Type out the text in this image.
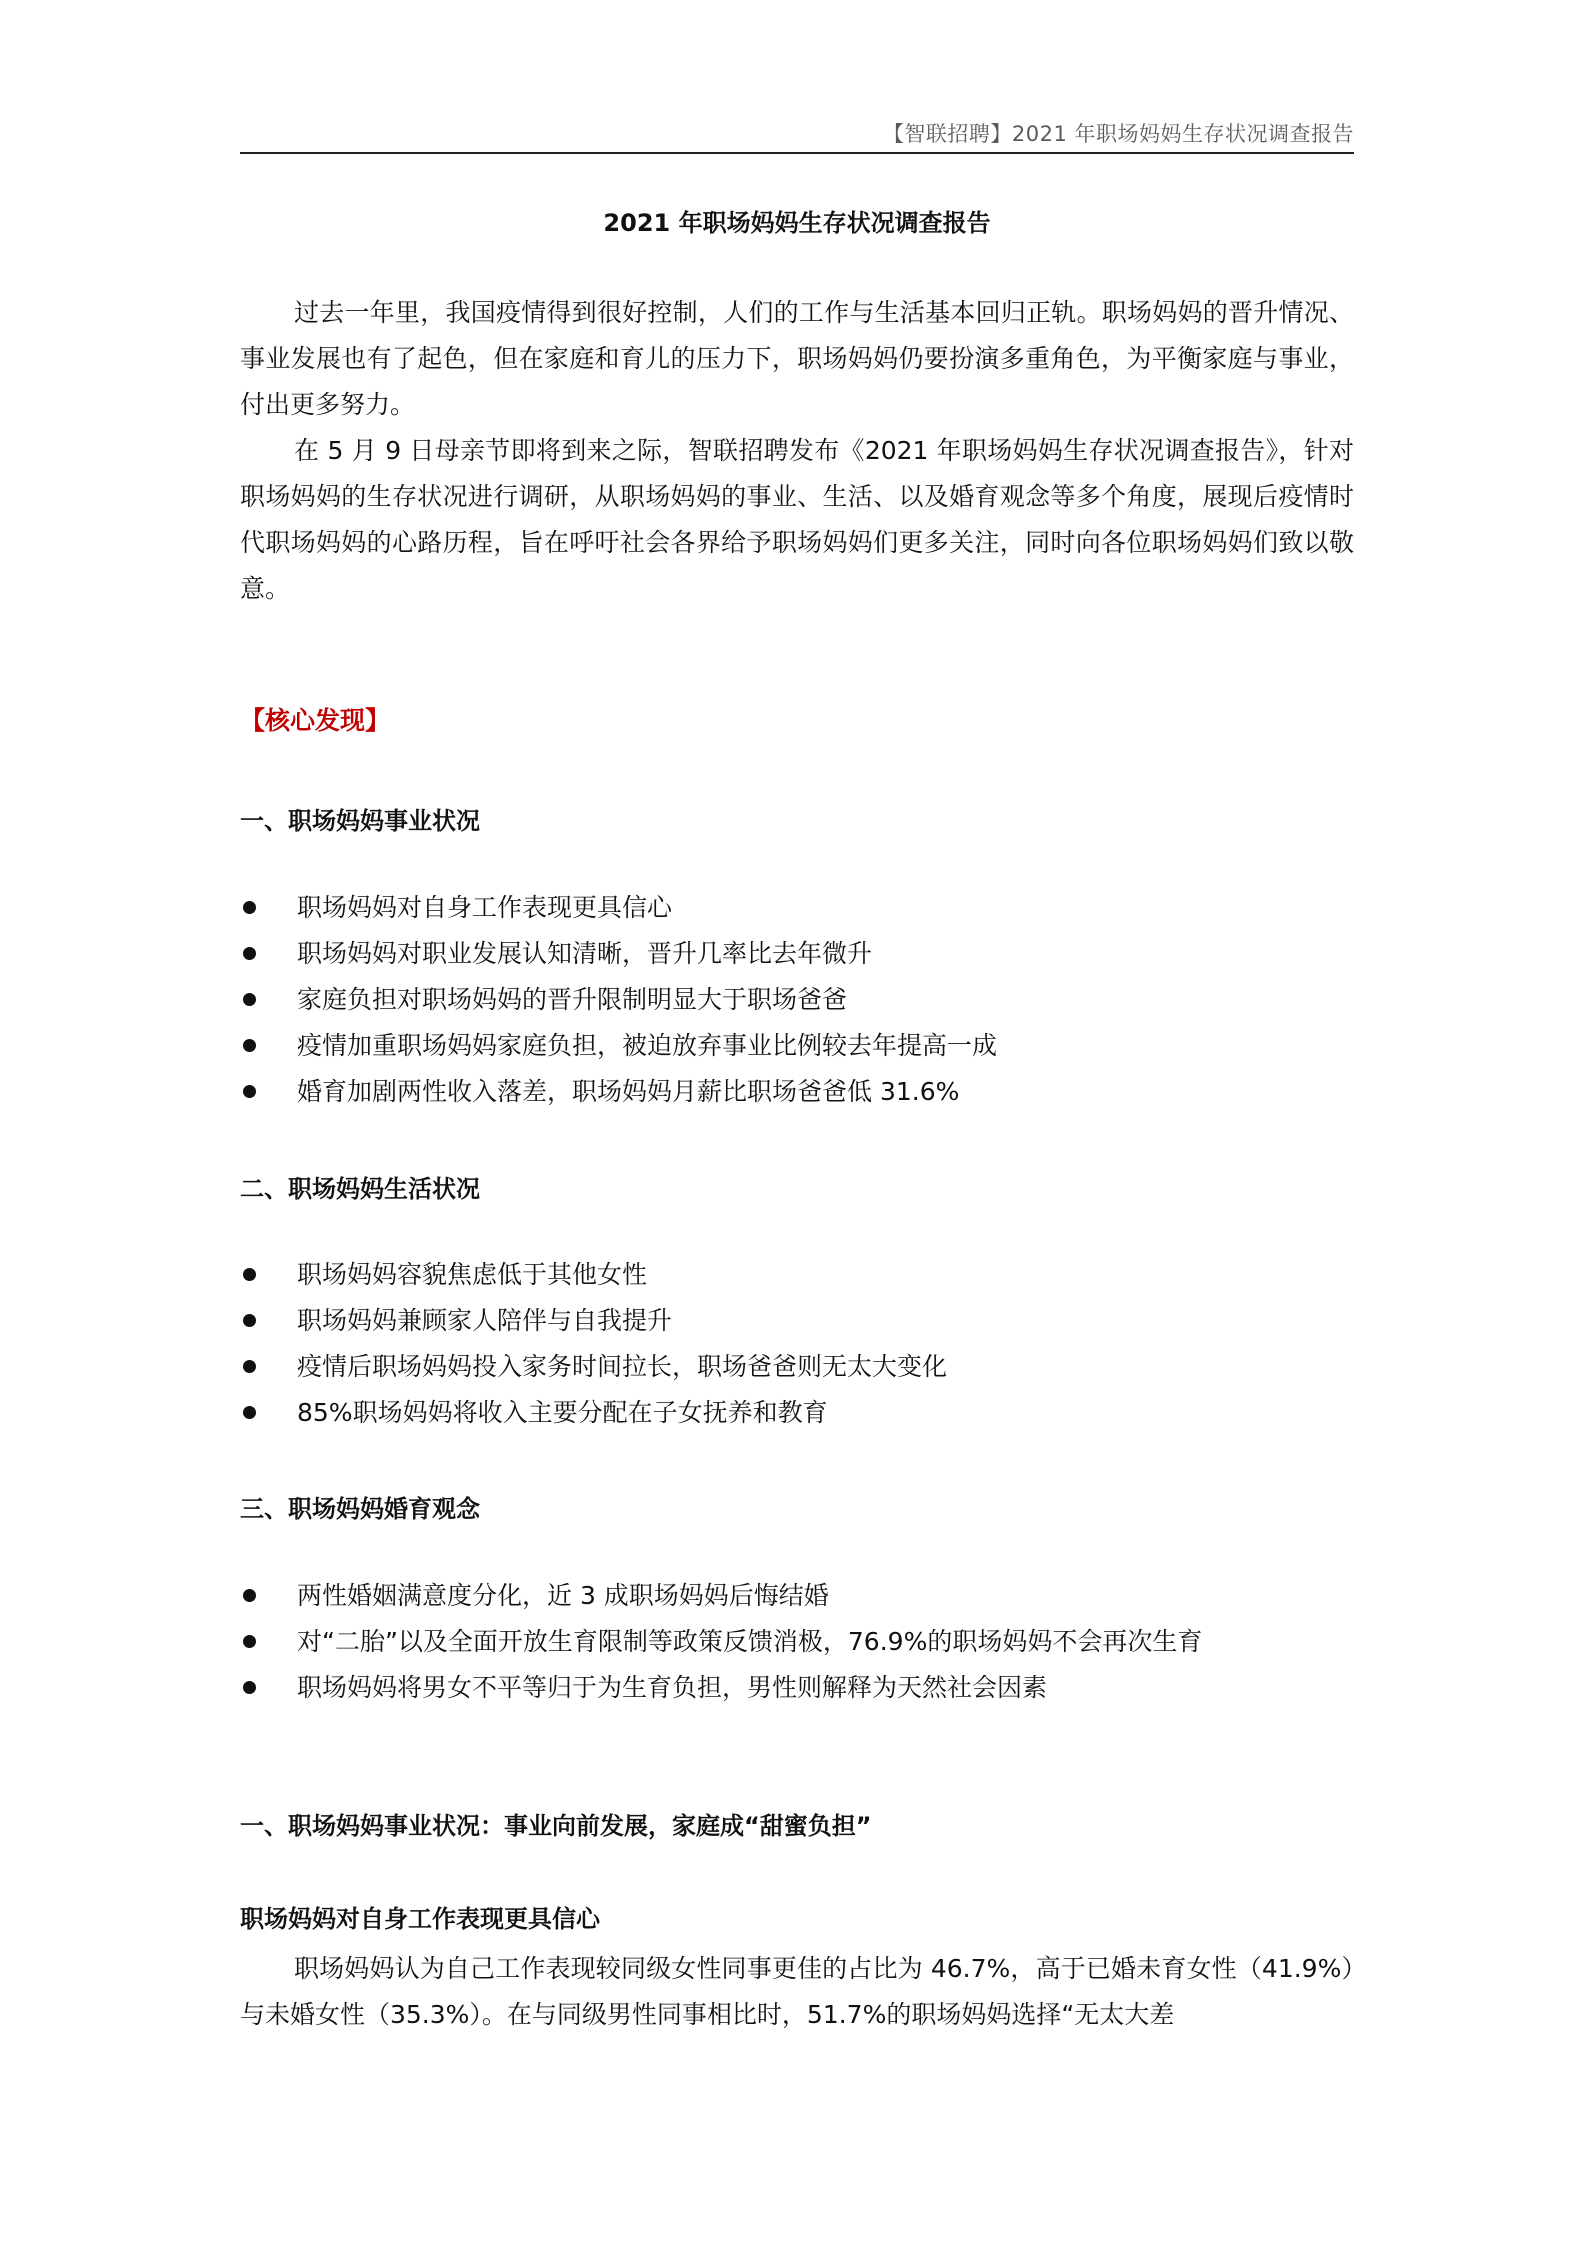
【智联招聘】2021 年职场妈妈生存状况调查报告
2021 年职场妈妈生存状况调查报告

过去一年里，我国疫情得到很好控制，人们的工作与生活基本回归正轨。职场妈妈的晋升情况、事业发展也有了起色，但在家庭和育儿的压力下，职场妈妈仍要扮演多重角色，为平衡家庭与事业，付出更多努力。

在 5 月 9 日母亲节即将到来之际，智联招聘发布《2021 年职场妈妈生存状况调查报告》，针对职场妈妈的生存状况进行调研，从职场妈妈的事业、生活、以及婚育观念等多个角度，展现后疫情时代职场妈妈的心路历程，旨在呼吁社会各界给予职场妈妈们更多关注，同时向各位职场妈妈们致以敬意。

【核心发现】
一、职场妈妈事业状况
职场妈妈对自身工作表现更具信心
职场妈妈对职业发展认知清晰，晋升几率比去年微升
家庭负担对职场妈妈的晋升限制明显大于职场爸爸
疫情加重职场妈妈家庭负担，被迫放弃事业比例较去年提高一成
婚育加剧两性收入落差，职场妈妈月薪比职场爸爸低 31.6%
二、职场妈妈生活状况
职场妈妈容貌焦虑低于其他女性
职场妈妈兼顾家人陪伴与自我提升
疫情后职场妈妈投入家务时间拉长，职场爸爸则无太大变化
85%职场妈妈将收入主要分配在子女抚养和教育
三、职场妈妈婚育观念
两性婚姻满意度分化，近 3 成职场妈妈后悔结婚
对“二胎”以及全面开放生育限制等政策反馈消极，76.9%的职场妈妈不会再次生育
职场妈妈将男女不平等归于为生育负担，男性则解释为天然社会因素
一、职场妈妈事业状况：事业向前发展，家庭成“甜蜜负担”
职场妈妈对自身工作表现更具信心

职场妈妈认为自己工作表现较同级女性同事更佳的占比为 46.7%，高于已婚未育女性（41.9%）与未婚女性（35.3%）。在与同级男性同事相比时，51.7%的职场妈妈选择“无太大差
